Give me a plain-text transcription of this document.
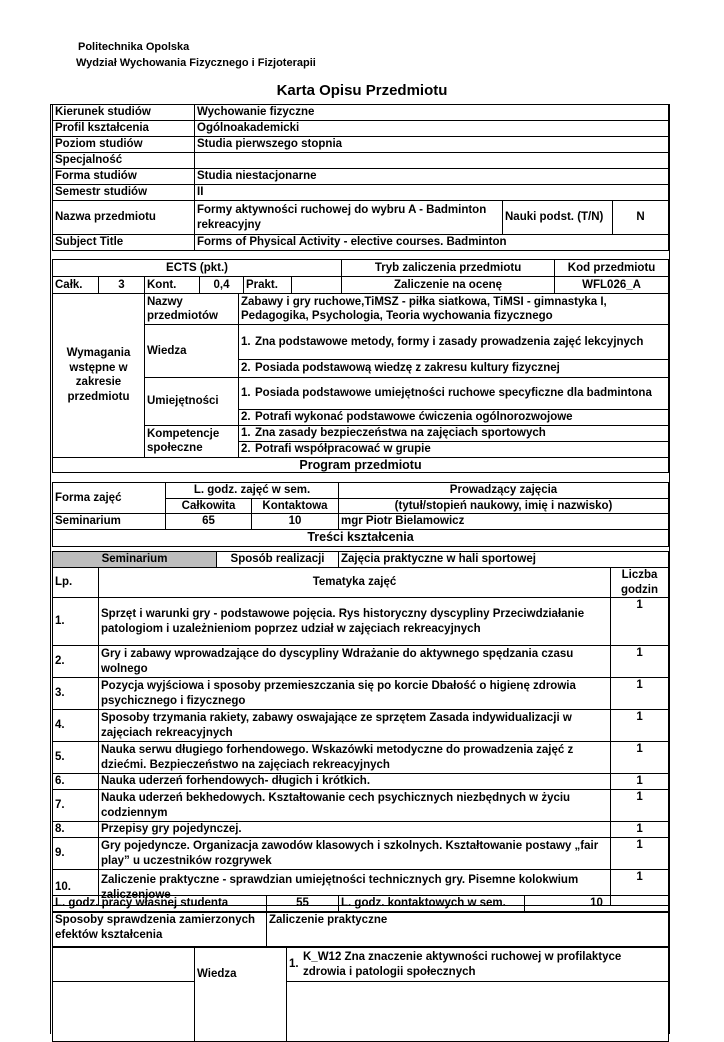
Politechnika Opolska
Wydział Wychowania Fizycznego i Fizjoterapii
Karta Opisu Przedmiotu
Kierunek studiów	Wychowanie fizyczne		
Profil kształcenia	Ogólnoakademicki		
Poziom studiów	Studia pierwszego stopnia		
Specjalność			
Forma studiów	Studia niestacjonarne		
Semestr studiów	II		
Nazwa przedmiotu	Formy aktywności ruchowej do wybru A - Badminton rekreacyjny	Nauki podst. (T/N)	N
Subject Title	Forms of Physical Activity - elective courses. Badminton		
ECTS (pkt.)						Tryb zaliczenia przedmiotu	Kod przedmiotu
Całk.	3	Kont.	0,4	Prakt.		Zaliczenie na ocenę	WFL026_A
Wymagania wstępne w zakresie przedmiotu	Nazwy przedmiotów	Zabawy i gry ruchowe,TiMSZ - piłka siatkowa, TiMSI - gimnastyka I, Pedagogika, Psychologia, Teoria wychowania fizycznego
	Wiedza	1. Zna podstawowe metody, formy i zasady prowadzenia zajęć lekcyjnych
		2. Posiada podstawową wiedzę z zakresu kultury fizycznej
	Umiejętności	1. Posiada podstawowe umiejętności ruchowe specyficzne dla badmintona
		2. Potrafi wykonać podstawowe ćwiczenia ogólnorozwojowe
	Kompetencje społeczne	1. Zna zasady bezpieczeństwa na zajęciach sportowych
		2. Potrafi współpracować w grupie
Program przedmiotu		
Forma zajęć	L. godz. zajęć w sem.		Prowadzący zajęcia
	Całkowita	Kontaktowa	(tytuł/stopień naukowy, imię i nazwisko)
Seminarium	65	10	mgr Piotr Bielamowicz
Treści kształcenia			
Seminarium		Sposób realizacji	Zajęcia praktyczne w hali sportowej	
Lp.	Tematyka zajęć			Liczba godzin
1.	Sprzęt i warunki gry - podstawowe pojęcia. Rys historyczny dyscypliny Przeciwdziałanie patologiom i uzależnieniom poprzez udział w zajęciach rekreacyjnych			1
2.	Gry i zabawy wprowadzające do dyscypliny Wdrażanie do aktywnego spędzania czasu wolnego			1
3.	Pozycja wyjściowa i sposoby przemieszczania się po korcie Dbałość o higienę zdrowia psychicznego i fizycznego			1
4.	Sposoby trzymania rakiety, zabawy oswajające ze sprzętem Zasada indywidualizacji w zajęciach rekreacyjnych			1
5.	Nauka serwu długiego forhendowego. Wskazówki metodyczne do prowadzenia zajęć z dziećmi. Bezpieczeństwo na zajęciach rekreacyjnych			1
6.	Nauka uderzeń forhendowych- długich i krótkich.			1
7.	Nauka uderzeń bekhedowych. Kształtowanie cech psychicznych niezbędnych w życiu codziennym			1
8.	Przepisy gry pojedynczej.			1
9.	Gry pojedyncze. Organizacja zawodów klasowych i szkolnych. Kształtowanie postawy „fair play” u uczestników rozgrywek			1
10.	Zaliczenie praktyczne - sprawdzian umiejętności technicznych gry. Pisemne kolokwium zaliczeniowe			1
L. godz. pracy własnej studenta	55	L. godz. kontaktowych w sem.	10
Sposoby sprawdzenia zamierzonych efektów kształcenia	Zaliczenie praktyczne
	Wiedza	1.K_W12 Zna znaczenie aktywności ruchowej w profilaktyce zdrowia i patologii społecznych
